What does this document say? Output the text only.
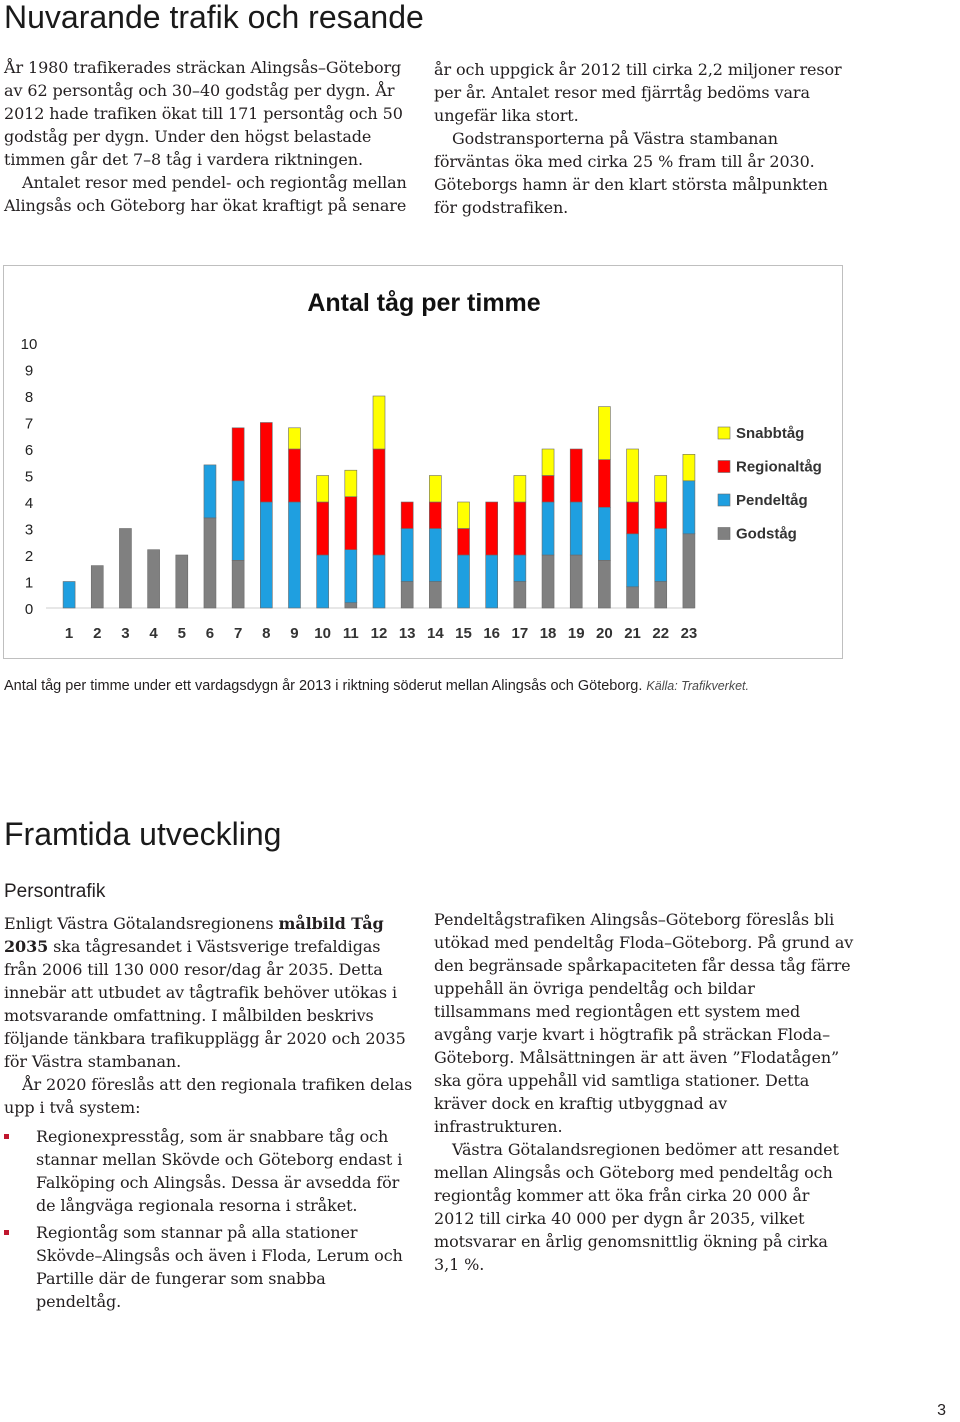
Nuvarande trafik och resande

År 1980 trafikerades sträckan Alingsås–Göteborg av 62 persontåg och 30–40 godståg per dygn. År 2012 hade trafiken ökat till 171 persontåg och 50 godståg per dygn. Under den högst belastade timmen går det 7–8 tåg i vardera riktningen.

Antalet resor med pendel- och regiontåg mellan Alingsås och Göteborg har ökat kraftigt på senare

år och uppgick år 2012 till cirka 2,2 miljoner resor per år. Antalet resor med fjärrtåg bedöms vara ungefär lika stort.

Godstransporterna på Västra stambanan förväntas öka med cirka 25 % fram till år 2030. Göteborgs hamn är den klart största målpunkten för godstrafiken.

Antal tåg per timme
0
1
2
3
4
5
6
7
8
9
10
1 2 3 4 5 6 7 8 9 10 11 12 13 14 15 16 17 18 19 20 21 22 23
Snabbtåg
Regionaltåg
Pendeltåg
Godståg
Antal tåg per timme under ett vardagsdygn år 2013 i riktning söderut mellan Alingsås och Göteborg. Källa: Trafikverket.
Framtida utveckling
Persontrafik

Enligt Västra Götalandsregionens målbild Tåg 2035 ska tågresandet i Västsverige trefaldigas från 2006 till 130 000 resor/dag år 2035. Detta innebär att utbudet av tågtrafik behöver utökas i motsvarande omfattning. I målbilden beskrivs följande tänkbara trafikupplägg år 2020 och 2035 för Västra stambanan.

År 2020 föreslås att den regionala trafiken delas upp i två system:

Regionexpresståg, som är snabbare tåg och stannar mellan Skövde och Göteborg endast i Falköping och Alingsås. Dessa är avsedda för de långväga regionala resorna i stråket.
Regiontåg som stannar på alla stationer Skövde–Alingsås och även i Floda, Lerum och Partille där de fungerar som snabba pendeltåg.

Pendeltågstrafiken Alingsås–Göteborg föreslås bli utökad med pendeltåg Floda–Göteborg. På grund av den begränsade spårkapaciteten får dessa tåg färre uppehåll än övriga pendeltåg och bildar tillsammans med regiontågen ett system med avgång varje kvart i högtrafik på sträckan Floda–Göteborg. Målsättningen är att även ”Flodatågen” ska göra uppehåll vid samtliga stationer. Detta kräver dock en kraftig utbyggnad av infrastrukturen.

Västra Götalandsregionen bedömer att resandet mellan Alingsås och Göteborg med pendeltåg och regiontåg kommer att öka från cirka 20 000 år 2012 till cirka 40 000 per dygn år 2035, vilket motsvarar en årlig genomsnittlig ökning på cirka 3,1 %.

3
